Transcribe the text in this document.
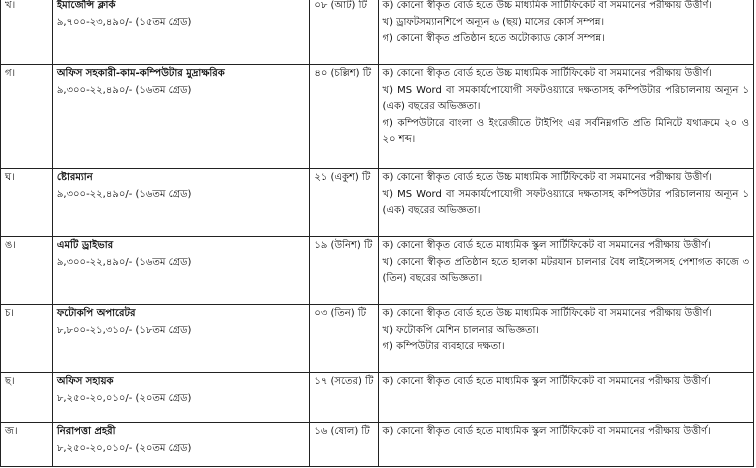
খ।	ইমার্জেন্সি ক্লার্ক
৯,৭০০-২৩,৪৯০/- (১৫তম গ্রেড)	০৮ (আট) টি	ক) কোনো স্বীকৃত বোর্ড হতে উচ্চ মাধ্যমিক সার্টিফিকেট বা সমমানের পরীক্ষায় উত্তীর্ণ।
খ) ড্রাফটসম্যানশিপে অন্যূন ৬ (ছয়) মাসের কোর্স সম্পন্ন।
গ) কোনো স্বীকৃত প্রতিষ্ঠান হতে অটোক্যাড কোর্স সম্পন্ন।

গ।	অফিস সহকারী-কাম-কম্পিউটার মুদ্রাক্ষরিক
৯,৩০০-২২,৪৯০/- (১৬তম গ্রেড)	৪০ (চল্লিশ) টি	ক) কোনো স্বীকৃত বোর্ড হতে উচ্চ মাধ্যমিক সার্টিফিকেট বা সমমানের পরীক্ষায় উত্তীর্ণ।
খ) MS Word বা সমকার্যপোযোগী সফটওয়্যারে দক্ষতাসহ কম্পিউটার পরিচালনায় অন্যূন ১ (এক) বছরের অভিজ্ঞতা।
গ) কম্পিউটারে বাংলা ও ইংরেজীতে টাইপিং এর সর্বনিম্নগতি প্রতি মিনিটে যথাক্রমে ২০ ও ২০ শব্দ।

ঘ।	ষ্টোরম্যান
৯,৩০০-২২,৪৯০/- (১৬তম গ্রেড)	২১ (একুশ) টি	ক) কোনো স্বীকৃত বোর্ড হতে উচ্চ মাধ্যমিক সার্টিফিকেট বা সমমানের পরীক্ষায় উত্তীর্ণ।
খ) MS Word বা সমকার্যপোযোগী সফটওয়্যারে দক্ষতাসহ কম্পিউটার পরিচালনায় অন্যূন ১ (এক) বছরের অভিজ্ঞতা।

ঙ।	এমটি ড্রাইভার
৯,৩০০-২২,৪৯০/- (১৬তম গ্রেড)	১৯ (উনিশ) টি	ক) কোনো স্বীকৃত বোর্ড হতে মাধ্যমিক স্কুল সার্টিফিকেট বা সমমানের পরীক্ষায় উত্তীর্ণ।
খ) কোনো স্বীকৃত প্রতিষ্ঠান হতে হালকা মটরযান চালনার বৈধ লাইসেন্সসহ পেশাগত কাজে ৩ (তিন) বছরের অভিজ্ঞতা।

চ।	ফটোকপি অপারেটর
৮,৮০০-২১,৩১০/- (১৮তম গ্রেড)	০৩ (তিন) টি	ক) কোনো স্বীকৃত বোর্ড হতে উচ্চ মাধ্যমিক সার্টিফিকেট বা সমমানের পরীক্ষায় উত্তীর্ণ।
খ) ফটোকপি মেশিন চালনার অভিজ্ঞতা।
গ) কম্পিউটার ব্যবহারে দক্ষতা।

ছ।	অফিস সহায়ক
৮,২৫০-২০,০১০/- (২০তম গ্রেড)	১৭ (সতের) টি	ক) কোনো স্বীকৃত বোর্ড হতে মাধ্যমিক স্কুল সার্টিফিকেট বা সমমানের পরীক্ষায় উত্তীর্ণ।

জ।	নিরাপত্তা প্রহরী
৮,২৫০-২০,০১০/- (২০তম গ্রেড)	১৬ (ষোল) টি	ক) কোনো স্বীকৃত বোর্ড হতে মাধ্যমিক স্কুল সার্টিফিকেট বা সমমানের পরীক্ষায় উত্তীর্ণ।
